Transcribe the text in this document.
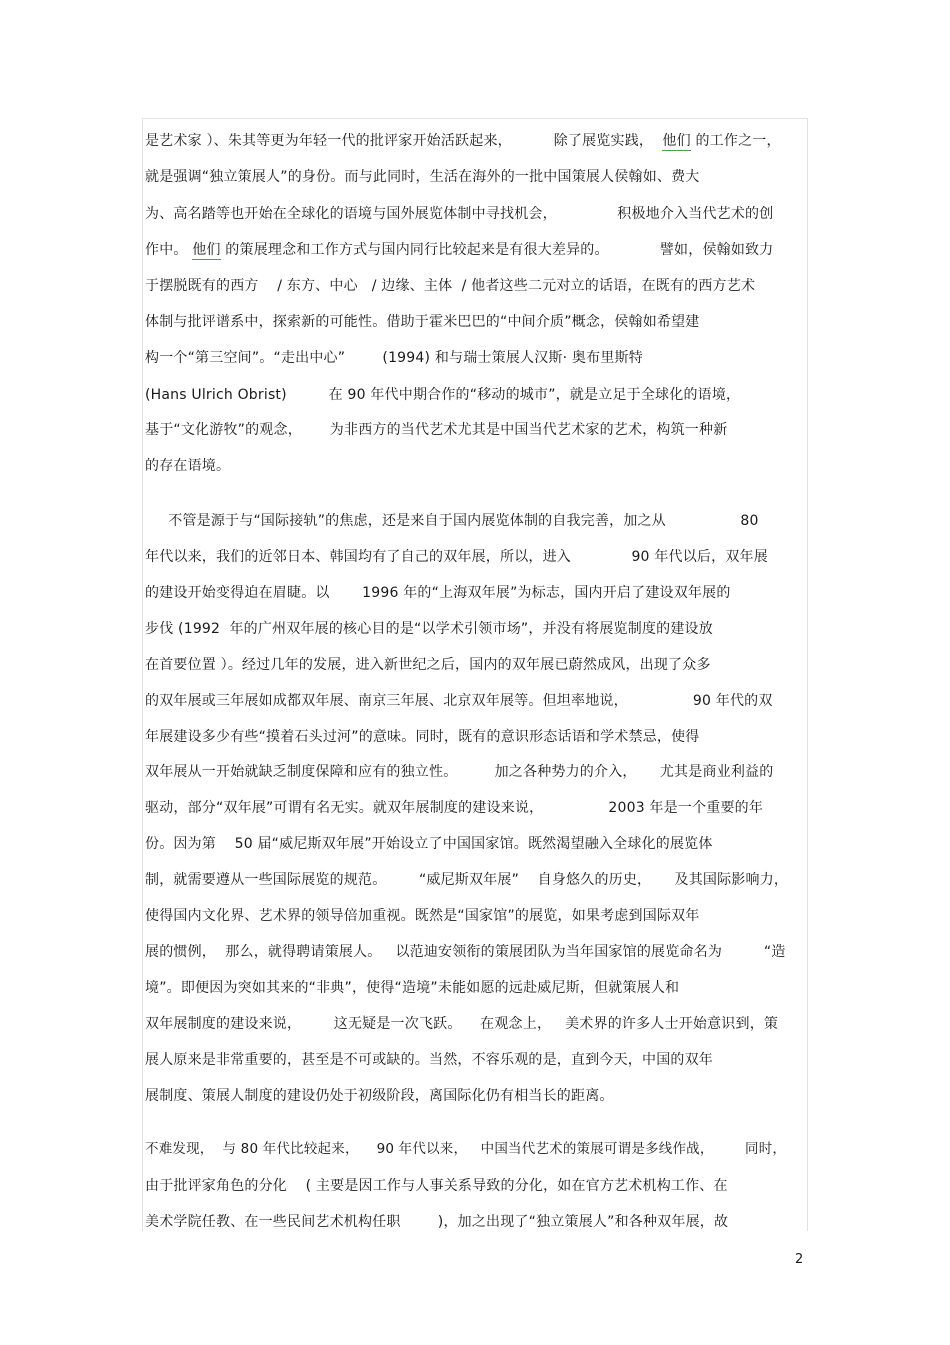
是艺术家 ）、朱其等更为年轻一代的批评家开始活跃起来，         除了展览实践，  他们 的工作之一，
就是强调“独立策展人”的身份。而与此同时，生活在海外的一批中国策展人侯翰如、费大
为、高名踏等也开始在全球化的语境与国外展览体制中寻找机会，             积极地介入当代艺术的创
作中。 他们 的策展理念和工作方式与国内同行比较起来是有很大差异的。           譬如，侯翰如致力
于摆脱既有的西方    / 东方、中心   / 边缘、主体  / 他者这些二元对立的话语，在既有的西方艺术
体制与批评谱系中，探索新的可能性。借助于霍米巴巴的“中间介质”概念，侯翰如希望建
构一个“第三空间”。“走出中心”        (1994) 和与瑞士策展人汉斯· 奥布里斯特
(Hans Ulrich Obrist)         在 90 年代中期合作的“移动的城市”，就是立足于全球化的语境，
基于“文化游牧”的观念，      为非西方的当代艺术尤其是中国当代艺术家的艺术，构筑一种新
的存在语境。
不管是源于与“国际接轨”的焦虑，还是来自于国内展览体制的自我完善，加之从                80
年代以来，我们的近邻日本、韩国均有了自己的双年展，所以，进入             90 年代以后，双年展
的建设开始变得迫在眉睫。以       1996 年的“上海双年展”为标志，国内开启了建设双年展的
步伐 (1992  年的广州双年展的核心目的是“以学术引领市场”，并没有将展览制度的建设放
在首要位置 ）。经过几年的发展，进入新世纪之后，国内的双年展已蔚然成风，出现了众多
的双年展或三年展如成都双年展、南京三年展、北京双年展等。但坦率地说，              90 年代的双
年展建设多少有些“摸着石头过河”的意味。同时，既有的意识形态话语和学术禁忌，使得
双年展从一开始就缺乏制度保障和应有的独立性。        加之各种势力的介入，     尤其是商业利益的
驱动，部分“双年展”可谓有名无实。就双年展制度的建设来说，              2003 年是一个重要的年
份。因为第    50 届“威尼斯双年展”开始设立了中国国家馆。既然渴望融入全球化的展览体
制，就需要遵从一些国际展览的规范。       “威尼斯双年展”    自身悠久的历史，     及其国际影响力，
使得国内文化界、艺术界的领导倍加重视。既然是“国家馆”的展览，如果考虑到国际双年
展的惯例，  那么，就得聘请策展人。   以范迪安领衔的策展团队为当年国家馆的展览命名为         “造
境”。即便因为突如其来的“非典”，使得“造境”未能如愿的远赴威尼斯，但就策展人和
双年展制度的建设来说，       这无疑是一次飞跃。    在观念上，   美术界的许多人士开始意识到，策
展人原来是非常重要的，甚至是不可或缺的。当然，不容乐观的是，直到今天，中国的双年
展制度、策展人制度的建设仍处于初级阶段，离国际化仍有相当长的距离。
不难发现，  与 80 年代比较起来，    90 年代以来，   中国当代艺术的策展可谓是多线作战，       同时，
由于批评家角色的分化    ( 主要是因工作与人事关系导致的分化，如在官方艺术机构工作、在
美术学院任教、在一些民间艺术机构任职        )，加之出现了“独立策展人”和各种双年展，故
2
